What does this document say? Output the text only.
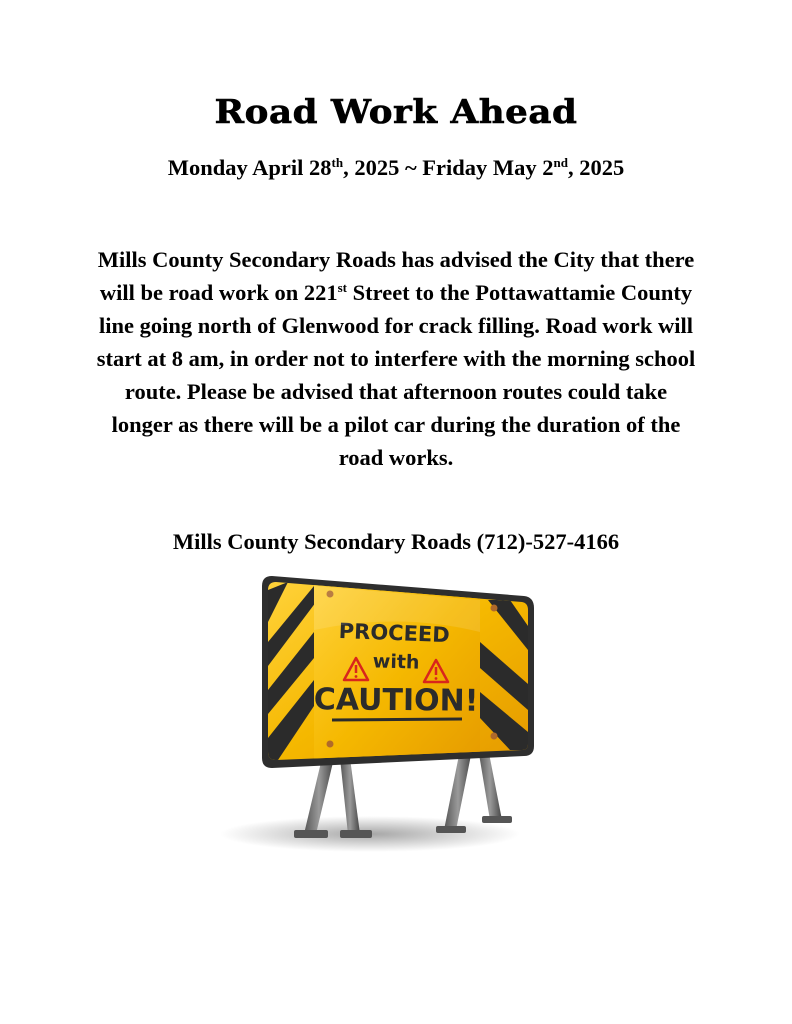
Road Work Ahead
Monday April 28th, 2025 ~ Friday May 2nd, 2025
Mills County Secondary Roads has advised the City that there will be road work on 221st Street to the Pottawattamie County line going north of Glenwood for crack filling. Road work will start at 8 am, in order not to interfere with the morning school route. Please be advised that afternoon routes could take longer as there will be a pilot car during the duration of the road works.
Mills County Secondary Roads (712)-527-4166
PROCEED
with
CAUTION!
